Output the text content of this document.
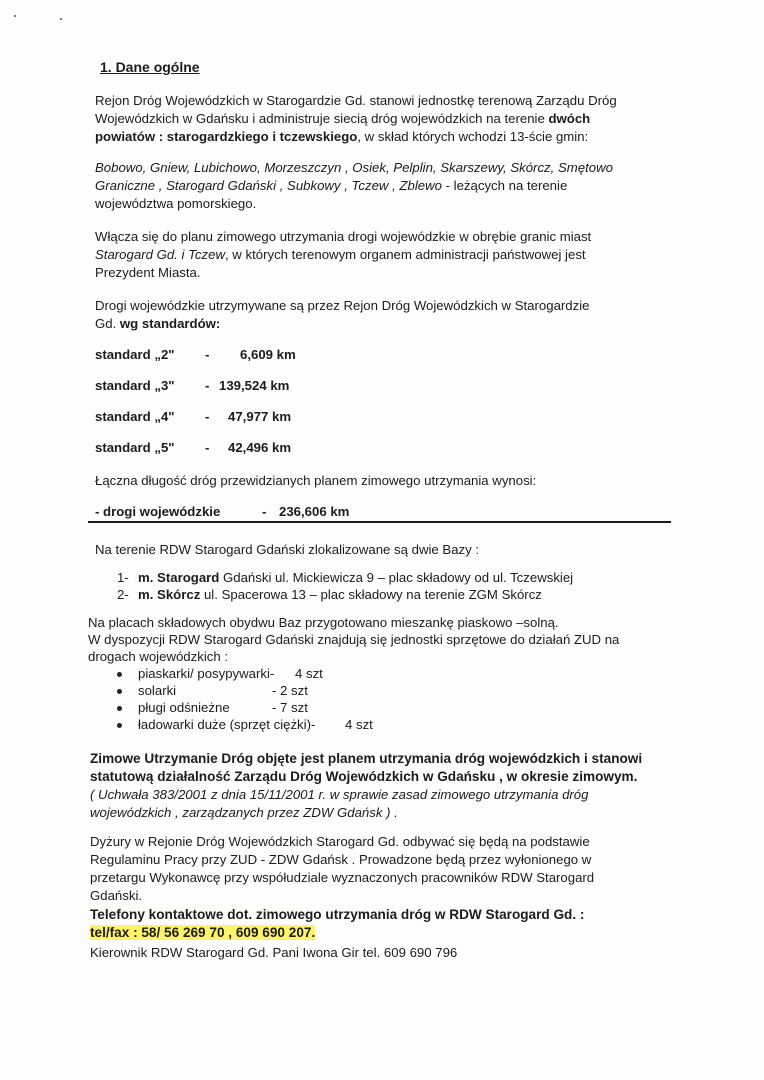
1. Dane ogólne
Rejon Dróg Wojewódzkich w Starogardzie Gd. stanowi jednostkę terenową Zarządu Dróg
Wojewódzkich w Gdańsku i administruje siecią dróg wojewódzkich na terenie dwóch
powiatów : starogardzkiego i tczewskiego, w skład których wchodzi 13-ście gmin:
Bobowo, Gniew, Lubichowo, Morzeszczyn , Osiek, Pelplin, Skarszewy, Skórcz, Smętowo
Graniczne , Starogard Gdański , Subkowy , Tczew , Zblewo - leżących na terenie
województwa pomorskiego.
Włącza się do planu zimowego utrzymania drogi wojewódzkie w obrębie granic miast
Starogard Gd. i Tczew, w których terenowym organem administracji państwowej jest
Prezydent Miasta.
Drogi wojewódzkie utrzymywane są przez Rejon Dróg Wojewódzkich w Starogardzie
Gd. wg standardów:
standard „2" - 6,609 km
standard „3" - 139,524 km
standard „4" - 47,977 km
standard „5" - 42,496 km
Łączna długość dróg przewidzianych planem zimowego utrzymania wynosi:
- drogi wojewódzkie	- 236,606 km
Na terenie RDW Starogard Gdański zlokalizowane są dwie Bazy :
1- m. Starogard Gdański ul. Mickiewicza 9 – plac składowy od ul. Tczewskiej
2- m. Skórcz ul. Spacerowa 13 – plac składowy na terenie ZGM Skórcz
Na placach składowych obydwu Baz przygotowano mieszankę piaskowo –solną.
W dyspozycji RDW Starogard Gdański znajdują się jednostki sprzętowe do działań ZUD na
drogach wojewódzkich :
piaskarki/ posypywarki- 4 szt
solarki	- 2 szt
pługi odśnieżne	- 7 szt
ładowarki duże (sprzęt ciężki)- 4 szt
Zimowe Utrzymanie Dróg objęte jest planem utrzymania dróg wojewódzkich i stanowi
statutową działalność Zarządu Dróg Wojewódzkich w Gdańsku , w okresie zimowym.
( Uchwała 383/2001 z dnia 15/11/2001 r. w sprawie zasad zimowego utrzymania dróg
wojewódzkich , zarządzanych przez ZDW Gdańsk ) .
Dyżury w Rejonie Dróg Wojewódzkich Starogard Gd. odbywać się będą na podstawie
Regulaminu Pracy przy ZUD - ZDW Gdańsk . Prowadzone będą przez wyłonionego w
przetargu Wykonawcę przy współudziale wyznaczonych pracowników RDW Starogard
Gdański.
Telefony kontaktowe dot. zimowego utrzymania dróg w RDW Starogard Gd. :
tel/fax : 58/ 56 269 70 , 609 690 207.
Kierownik RDW Starogard Gd. Pani Iwona Gir tel. 609 690 796
